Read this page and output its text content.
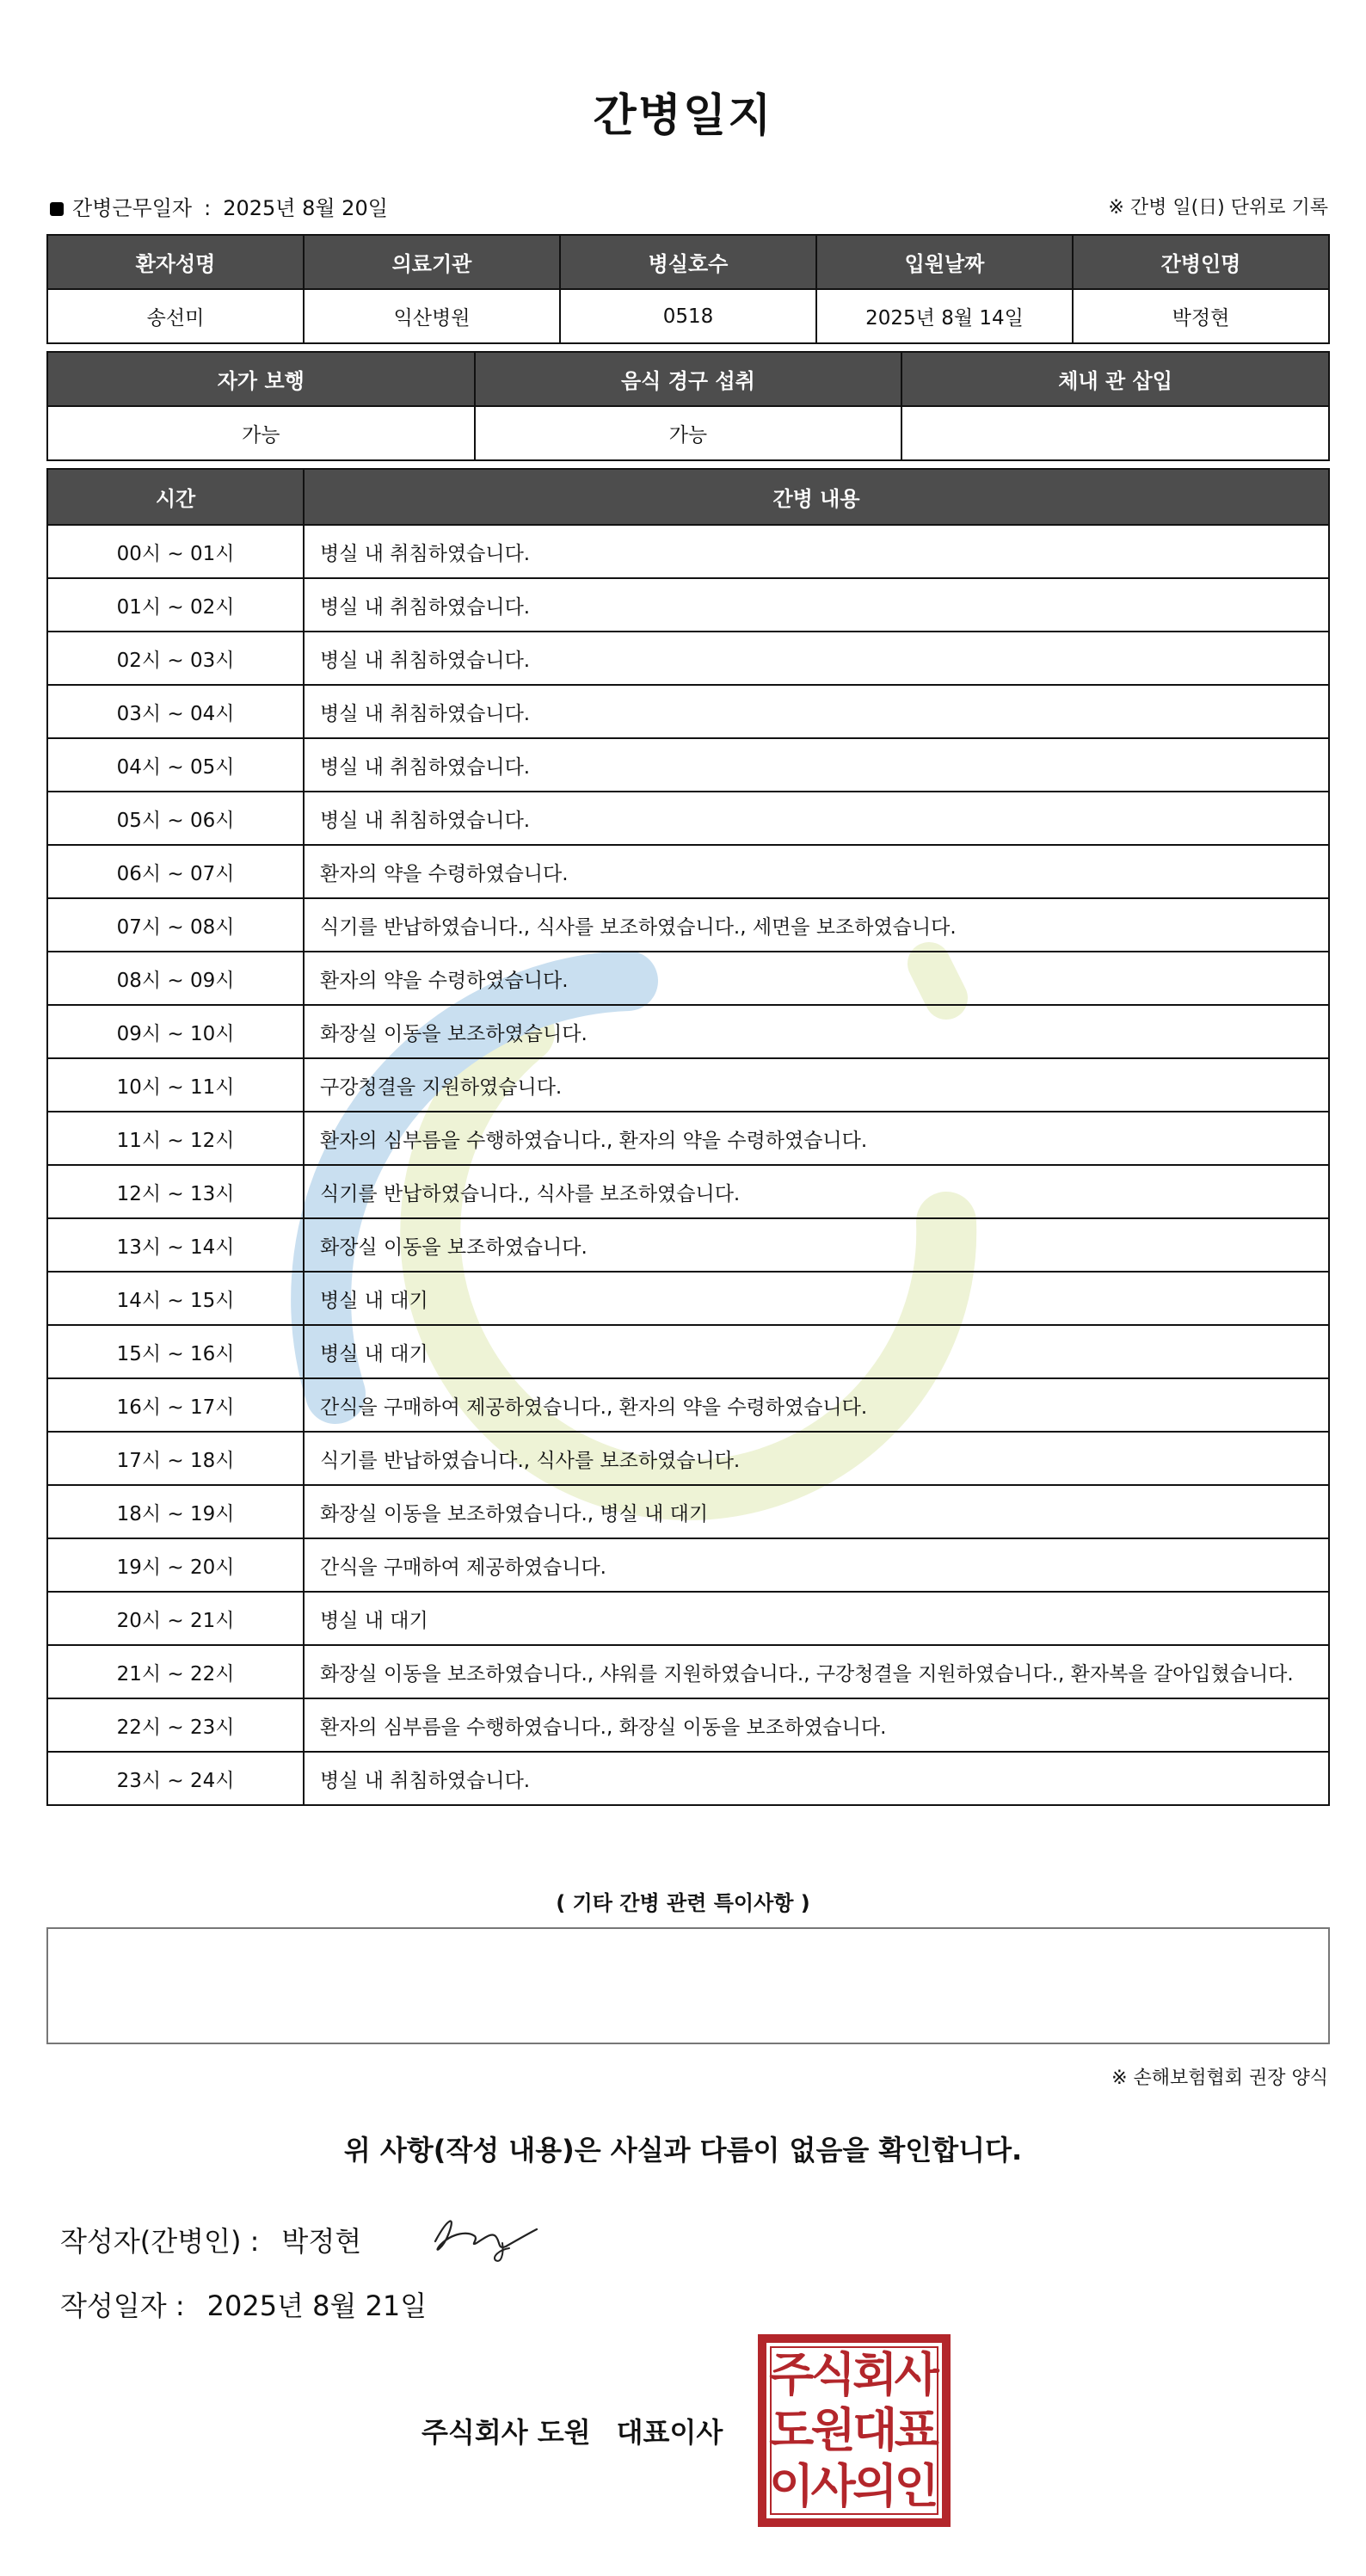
간병일지
간병근무일자 : 2025년 8월 20일	※ 간병 일(日) 단위로 기록
환자성명	의료기관	병실호수	입원날짜	간병인명
송선미	익산병원	0518	2025년 8월 14일	박정현
자가 보행	음식 경구 섭취	체내 관 삽입
가능	가능	
시간	간병 내용
00시 ~ 01시	병실 내 취침하였습니다.
01시 ~ 02시	병실 내 취침하였습니다.
02시 ~ 03시	병실 내 취침하였습니다.
03시 ~ 04시	병실 내 취침하였습니다.
04시 ~ 05시	병실 내 취침하였습니다.
05시 ~ 06시	병실 내 취침하였습니다.
06시 ~ 07시	환자의 약을 수령하였습니다.
07시 ~ 08시	식기를 반납하였습니다., 식사를 보조하였습니다., 세면을 보조하였습니다.
08시 ~ 09시	환자의 약을 수령하였습니다.
09시 ~ 10시	화장실 이동을 보조하였습니다.
10시 ~ 11시	구강청결을 지원하였습니다.
11시 ~ 12시	환자의 심부름을 수행하였습니다., 환자의 약을 수령하였습니다.
12시 ~ 13시	식기를 반납하였습니다., 식사를 보조하였습니다.
13시 ~ 14시	화장실 이동을 보조하였습니다.
14시 ~ 15시	병실 내 대기
15시 ~ 16시	병실 내 대기
16시 ~ 17시	간식을 구매하여 제공하였습니다., 환자의 약을 수령하였습니다.
17시 ~ 18시	식기를 반납하였습니다., 식사를 보조하였습니다.
18시 ~ 19시	화장실 이동을 보조하였습니다., 병실 내 대기
19시 ~ 20시	간식을 구매하여 제공하였습니다.
20시 ~ 21시	병실 내 대기
21시 ~ 22시	화장실 이동을 보조하였습니다., 샤워를 지원하였습니다., 구강청결을 지원하였습니다., 환자복을 갈아입혔습니다.
22시 ~ 23시	환자의 심부름을 수행하였습니다., 화장실 이동을 보조하였습니다.
23시 ~ 24시	병실 내 취침하였습니다.
( 기타 간병 관련 특이사항 )
※ 손해보험협회 권장 양식
위 사항(작성 내용)은 사실과 다름이 없음을 확인합니다.
작성자(간병인) : 박정현
작성일자 : 2025년 8월 21일
주식회사 도원 대표이사
주
식
회
사
도
원
대
표
이
사
의
인
